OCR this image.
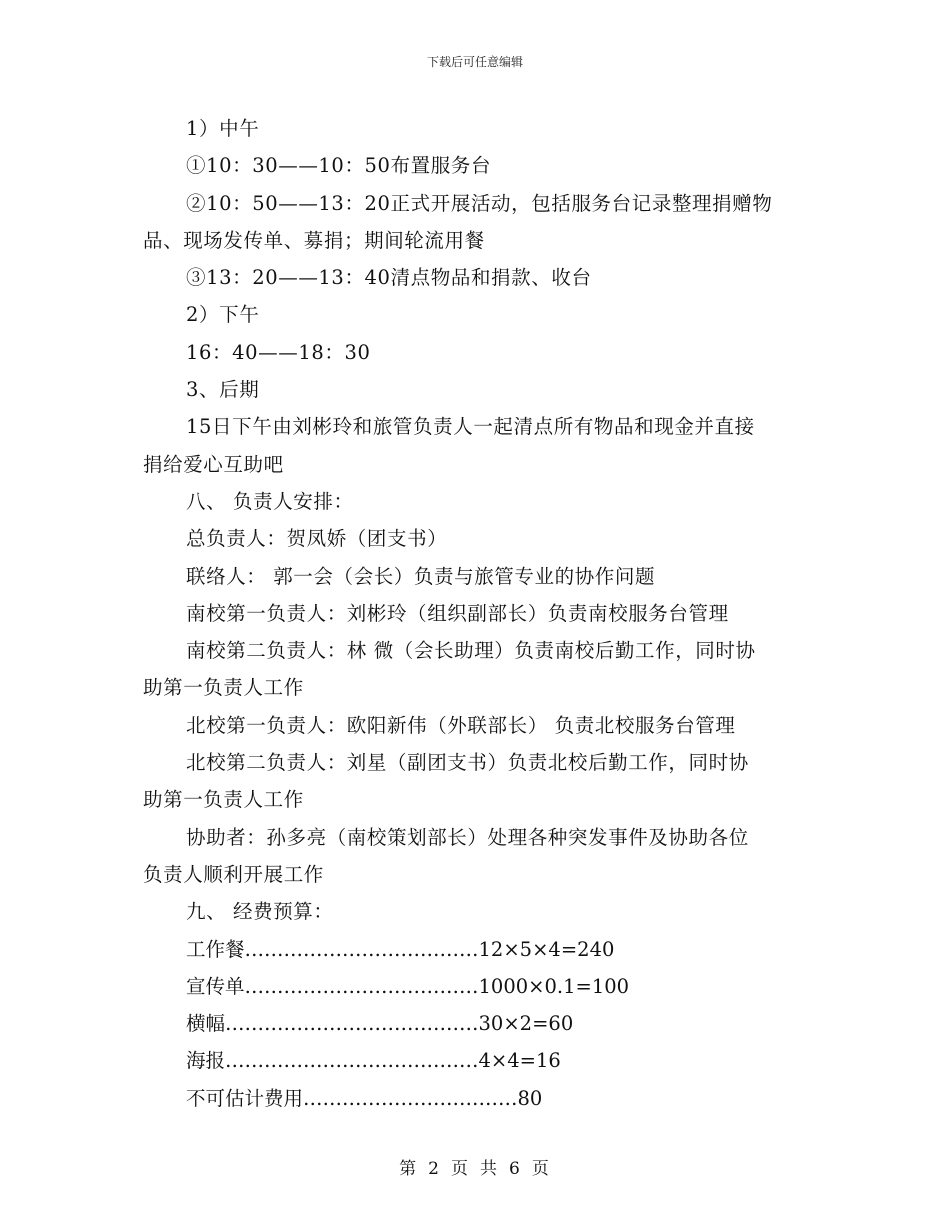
下载后可任意编辑
1）中午
①10：30——10：50布置服务台
②10：50——13：20正式开展活动，包括服务台记录整理捐赠物
品、现场发传单、募捐；期间轮流用餐
③13：20——13：40清点物品和捐款、收台
2）下午
16：40——18：30
3、后期
15日下午由刘彬玲和旅管负责人一起清点所有物品和现金并直接
捐给爱心互助吧
八、 负责人安排：
总负责人：贺凤娇（团支书）
联络人： 郭一会（会长）负责与旅管专业的协作问题
南校第一负责人：刘彬玲（组织副部长）负责南校服务台管理
南校第二负责人：林 微（会长助理）负责南校后勤工作，同时协
助第一负责人工作
北校第一负责人：欧阳新伟（外联部长） 负责北校服务台管理
北校第二负责人：刘星（副团支书）负责北校后勤工作，同时协
助第一负责人工作
协助者：孙多亮（南校策划部长）处理各种突发事件及协助各位
负责人顺利开展工作
九、 经费预算：
工作餐………………………………12×5×4=240
宣传单………………………………1000×0.1=100
横幅…………………………………30×2=60
海报…………………………………4×4=16
不可估计费用……………………………80
第 2 页 共 6 页
